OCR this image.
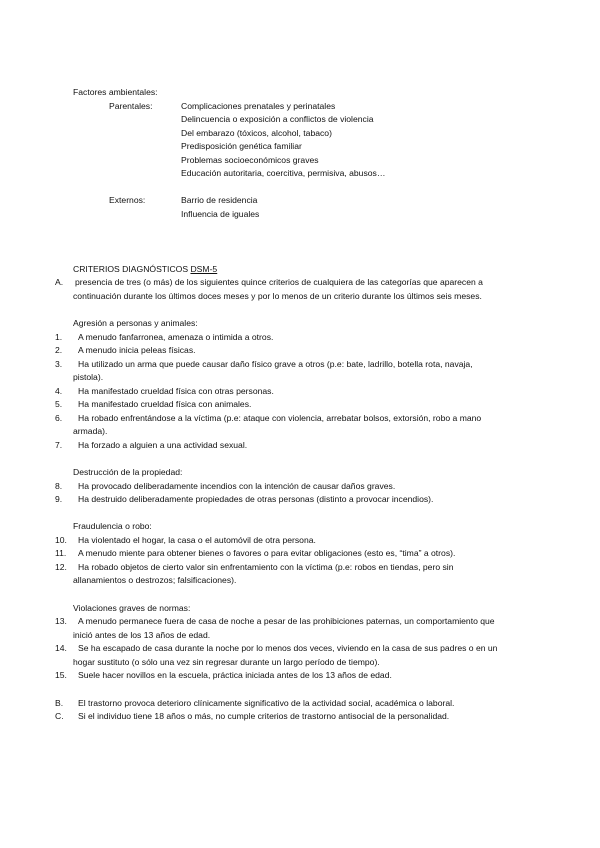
Factores ambientales:
Parentales:	Complicaciones prenatales y perinatales
Delincuencia o exposición a conflictos de violencia
Del embarazo (tóxicos, alcohol, tabaco)
Predisposición genética familiar
Problemas socioeconómicos graves
Educación autoritaria, coercitiva, permisiva, abusos…
Externos:	Barrio de residencia
Influencia de iguales
CRITERIOS DIAGNÓSTICOS DSM-5
A. presencia de tres (o más) de los siguientes quince criterios de cualquiera de las categorías que aparecen a
continuación durante los últimos doces meses y por lo menos de un criterio durante los últimos seis meses.
Agresión a personas y animales:
1. A menudo fanfarronea, amenaza o intimida a otros.
2. A menudo inicia peleas físicas.
3. Ha utilizado un arma que puede causar daño físico grave a otros (p.e: bate, ladrillo, botella rota, navaja,
pistola).
4. Ha manifestado crueldad física con otras personas.
5. Ha manifestado crueldad física con animales.
6. Ha robado enfrentándose a la víctima (p.e: ataque con violencia, arrebatar bolsos, extorsión, robo a mano
armada).
7. Ha forzado a alguien a una actividad sexual.
Destrucción de la propiedad:
8. Ha provocado deliberadamente incendios con la intención de causar daños graves.
9. Ha destruido deliberadamente propiedades de otras personas (distinto a provocar incendios).
Fraudulencia o robo:
10. Ha violentado el hogar, la casa o el automóvil de otra persona.
11. A menudo miente para obtener bienes o favores o para evitar obligaciones (esto es, “tima” a otros).
12. Ha robado objetos de cierto valor sin enfrentamiento con la víctima (p.e: robos en tiendas, pero sin
allanamientos o destrozos; falsificaciones).
Violaciones graves de normas:
13. A menudo permanece fuera de casa de noche a pesar de las prohibiciones paternas, un comportamiento que
inició antes de los 13 años de edad.
14. Se ha escapado de casa durante la noche por lo menos dos veces, viviendo en la casa de sus padres o en un
hogar sustituto (o sólo una vez sin regresar durante un largo período de tiempo).
15. Suele hacer novillos en la escuela, práctica iniciada antes de los 13 años de edad.
B. El trastorno provoca deterioro clínicamente significativo de la actividad social, académica o laboral.
C. Si el individuo tiene 18 años o más, no cumple criterios de trastorno antisocial de la personalidad.
